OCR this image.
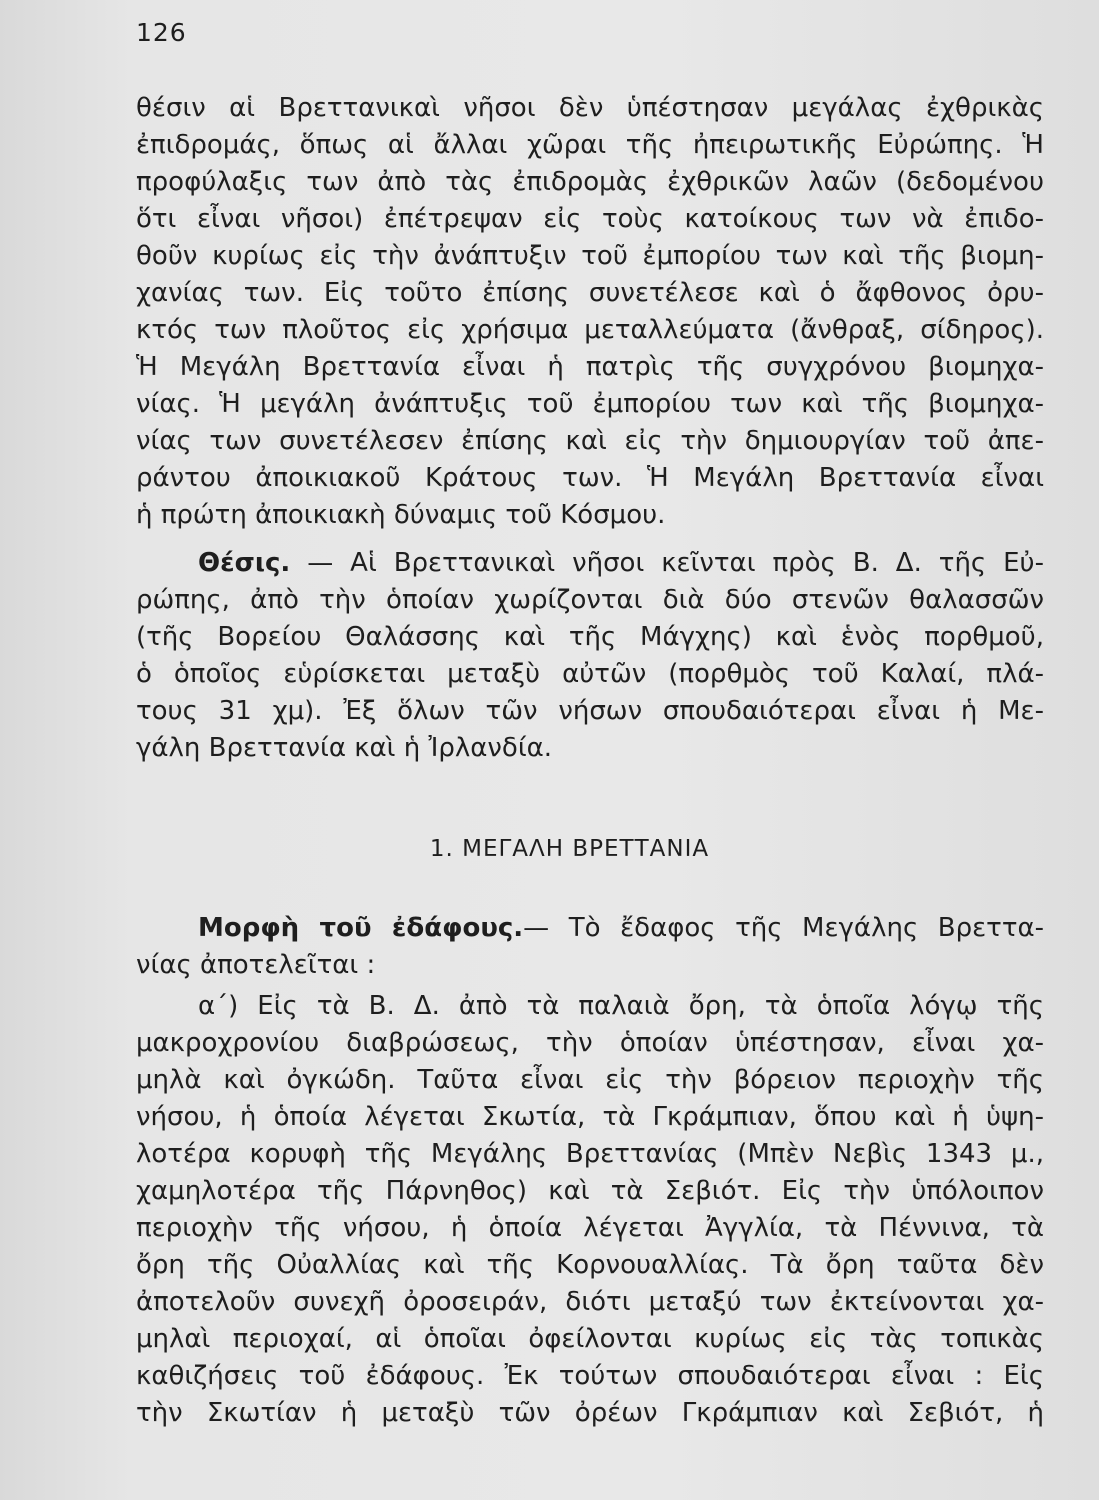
126
θέσιν αἱ Βρεττανικαὶ νῆσοι δὲν ὑπέστησαν μεγάλας ἐχθρικὰς
ἐπιδρομάς, ὅπως αἱ ἄλλαι χῶραι τῆς ἠπειρωτικῆς Εὐρώπης. Ἡ
προφύλαξις των ἀπὸ τὰς ἐπιδρομὰς ἐχθρικῶν λαῶν (δεδομένου
ὅτι εἶναι νῆσοι) ἐπέτρεψαν εἰς τοὺς κατοίκους των νὰ ἐπιδο-
θοῦν κυρίως εἰς τὴν ἀνάπτυξιν τοῦ ἐμπορίου των καὶ τῆς βιομη-
χανίας των. Εἰς τοῦτο ἐπίσης συνετέλεσε καὶ ὁ ἄφθονος ὀρυ-
κτός των πλοῦτος εἰς χρήσιμα μεταλλεύματα (ἄνθραξ, σίδηρος).
Ἡ Μεγάλη Βρεττανία εἶναι ἡ πατρὶς τῆς συγχρόνου βιομηχα-
νίας. Ἡ μεγάλη ἀνάπτυξις τοῦ ἐμπορίου των καὶ τῆς βιομηχα-
νίας των συνετέλεσεν ἐπίσης καὶ εἰς τὴν δημιουργίαν τοῦ ἀπε-
ράντου ἀποικιακοῦ Κράτους των. Ἡ Μεγάλη Βρεττανία εἶναι
ἡ πρώτη ἀποικιακὴ δύναμις τοῦ Κόσμου.
Θέσις. — Αἱ Βρεττανικαὶ νῆσοι κεῖνται πρὸς Β. Δ. τῆς Εὐ-
ρώπης, ἀπὸ τὴν ὁποίαν χωρίζονται διὰ δύο στενῶν θαλασσῶν
(τῆς Βορείου Θαλάσσης καὶ τῆς Μάγχης) καὶ ἑνὸς πορθμοῦ,
ὁ ὁποῖος εὑρίσκεται μεταξὺ αὐτῶν (πορθμὸς τοῦ Καλαί, πλά-
τους 31 χμ). Ἐξ ὅλων τῶν νήσων σπουδαιότεραι εἶναι ἡ Με-
γάλη Βρεττανία καὶ ἡ Ἰρλανδία.
1. ΜΕΓΑΛΗ ΒΡΕΤΤΑΝΙΑ
Μορφὴ τοῦ ἐδάφους.— Τὸ ἔδαφος τῆς Μεγάλης Βρεττα-
νίας ἀποτελεῖται :
α΄) Εἰς τὰ Β. Δ. ἀπὸ τὰ παλαιὰ ὄρη, τὰ ὁποῖα λόγῳ τῆς
μακροχρονίου διαβρώσεως, τὴν ὁποίαν ὑπέστησαν, εἶναι χα-
μηλὰ καὶ ὀγκώδη. Ταῦτα εἶναι εἰς τὴν βόρειον περιοχὴν τῆς
νήσου, ἡ ὁποία λέγεται Σκωτία, τὰ Γκράμπιαν, ὅπου καὶ ἡ ὑψη-
λοτέρα κορυφὴ τῆς Μεγάλης Βρεττανίας (Μπὲν Νεβὶς 1343 μ.,
χαμηλοτέρα τῆς Πάρνηθος) καὶ τὰ Σεβιότ. Εἰς τὴν ὑπόλοιπον
περιοχὴν τῆς νήσου, ἡ ὁποία λέγεται Ἀγγλία, τὰ Πέννινα, τὰ
ὄρη τῆς Οὐαλλίας καὶ τῆς Κορνουαλλίας. Τὰ ὄρη ταῦτα δὲν
ἀποτελοῦν συνεχῆ ὀροσειράν, διότι μεταξύ των ἐκτείνονται χα-
μηλαὶ περιοχαί, αἱ ὁποῖαι ὀφείλονται κυρίως εἰς τὰς τοπικὰς
καθιζήσεις τοῦ ἐδάφους. Ἐκ τούτων σπουδαιότεραι εἶναι : Εἰς
τὴν Σκωτίαν ἡ μεταξὺ τῶν ὀρέων Γκράμπιαν καὶ Σεβιότ, ἡ
